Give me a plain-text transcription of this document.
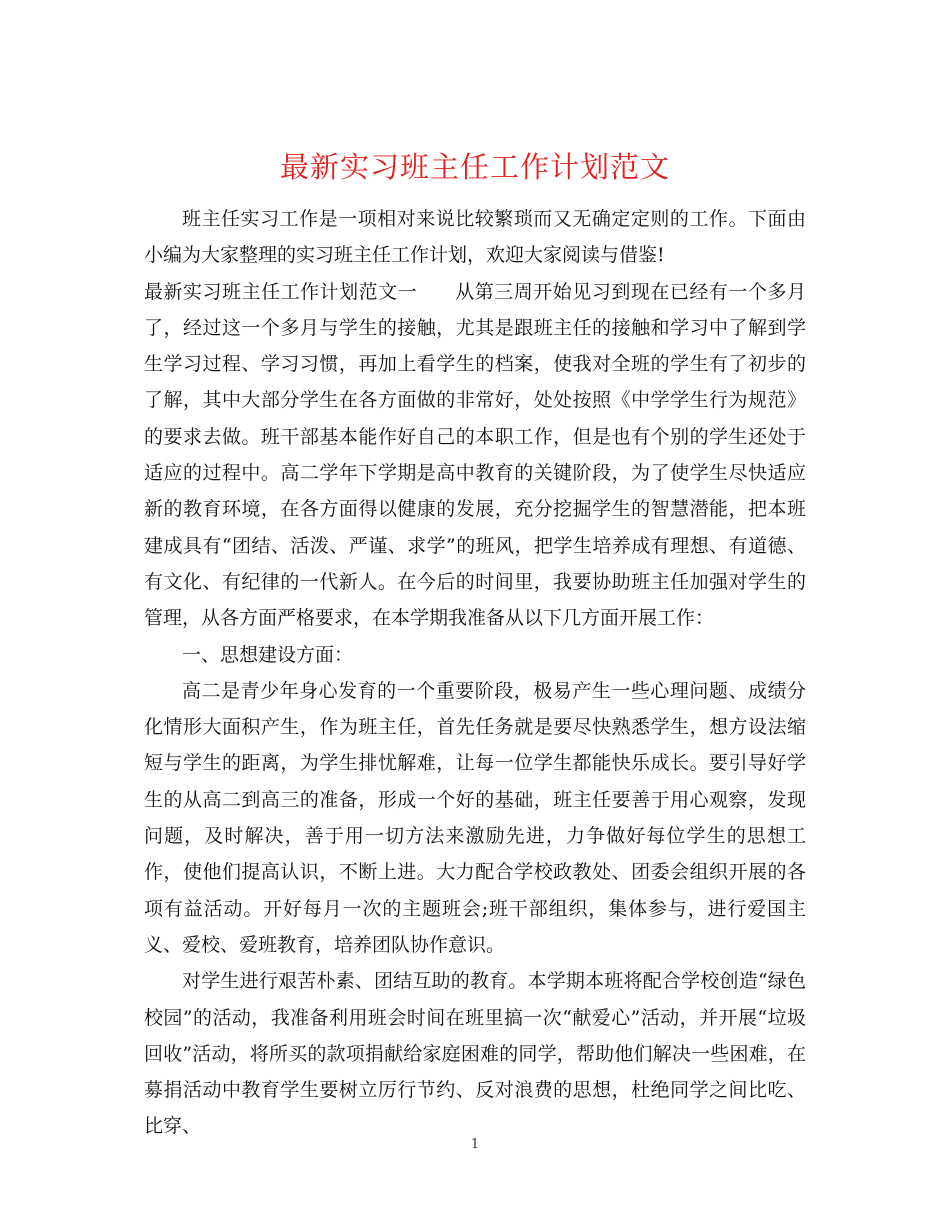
最新实习班主任工作计划范文

班主任实习工作是一项相对来说比较繁琐而又无确定定则的工作。下面由小编为大家整理的实习班主任工作计划，欢迎大家阅读与借鉴!

最新实习班主任工作计划范文一 从第三周开始见习到现在已经有一个多月了，经过这一个多月与学生的接触，尤其是跟班主任的接触和学习中了解到学生学习过程、学习习惯，再加上看学生的档案，使我对全班的学生有了初步的了解，其中大部分学生在各方面做的非常好，处处按照《中学学生行为规范》的要求去做。班干部基本能作好自己的本职工作，但是也有个别的学生还处于适应的过程中。高二学年下学期是高中教育的关键阶段，为了使学生尽快适应新的教育环境，在各方面得以健康的发展，充分挖掘学生的智慧潜能，把本班建成具有“团结、活泼、严谨、求学”的班风，把学生培养成有理想、有道德、有文化、有纪律的一代新人。在今后的时间里，我要协助班主任加强对学生的管理，从各方面严格要求，在本学期我准备从以下几方面开展工作：

一、思想建设方面：

高二是青少年身心发育的一个重要阶段，极易产生一些心理问题、成绩分化情形大面积产生，作为班主任，首先任务就是要尽快熟悉学生，想方设法缩短与学生的距离，为学生排忧解难，让每一位学生都能快乐成长。要引导好学生的从高二到高三的准备，形成一个好的基础，班主任要善于用心观察，发现问题，及时解决，善于用一切方法来激励先进，力争做好每位学生的思想工作，使他们提高认识，不断上进。大力配合学校政教处、团委会组织开展的各项有益活动。开好每月一次的主题班会;班干部组织，集体参与，进行爱国主义、爱校、爱班教育，培养团队协作意识。

对学生进行艰苦朴素、团结互助的教育。本学期本班将配合学校创造“绿色校园”的活动，我准备利用班会时间在班里搞一次“献爱心”活动，并开展“垃圾回收”活动，将所买的款项捐献给家庭困难的同学，帮助他们解决一些困难，在募捐活动中教育学生要树立厉行节约、反对浪费的思想，杜绝同学之间比吃、比穿、

1
